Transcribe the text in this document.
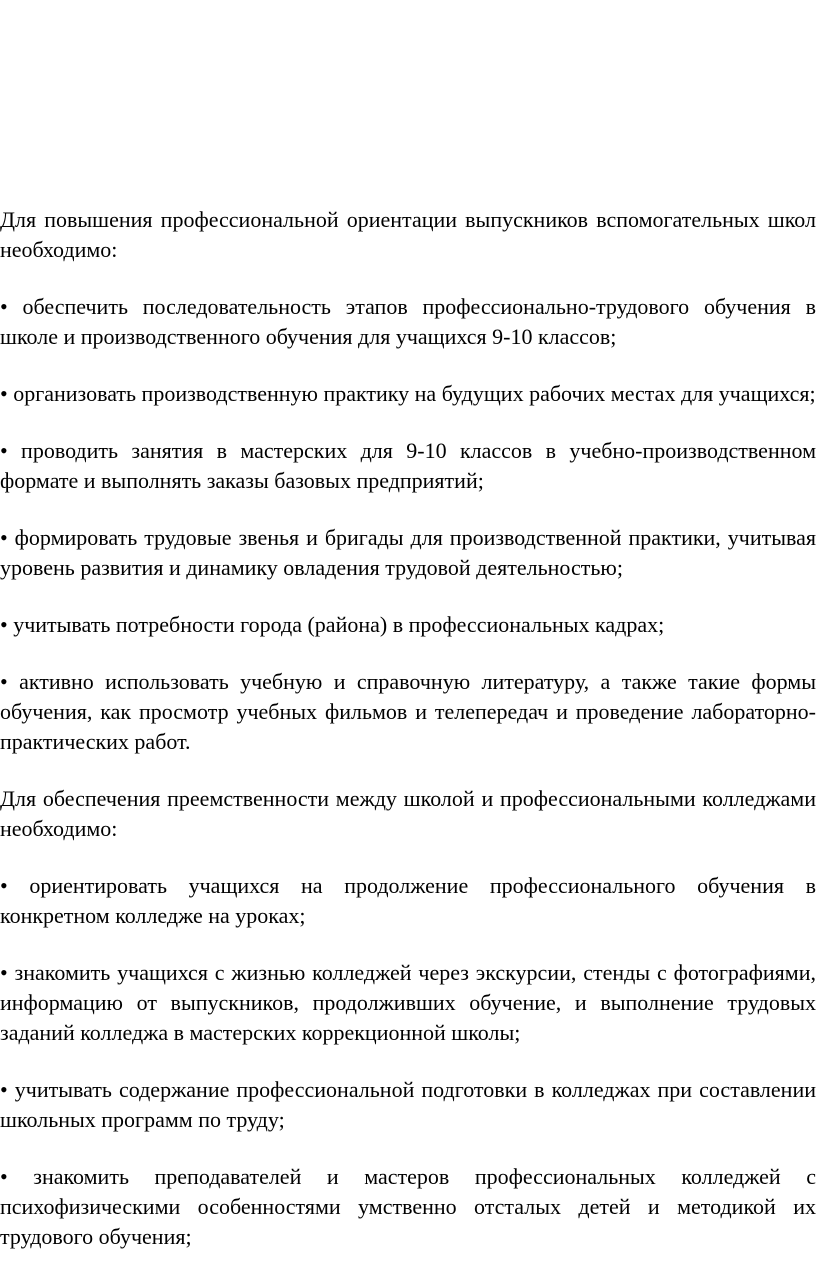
Для повышения профессиональной ориентации выпускников вспомогательных школ необходимо:

• обеспечить последовательность этапов профессионально-трудового обучения в школе и производственного обучения для учащихся 9-10 классов;

• организовать производственную практику на будущих рабочих местах для учащихся;

• проводить занятия в мастерских для 9-10 классов в учебно-производственном формате и выполнять заказы базовых предприятий;

• формировать трудовые звенья и бригады для производственной практики, учитывая уровень развития и динамику овладения трудовой деятельностью;

• учитывать потребности города (района) в профессиональных кадрах;

• активно использовать учебную и справочную литературу, а также такие формы обучения, как просмотр учебных фильмов и телепередач и проведение лабораторно-практических работ.

Для обеспечения преемственности между школой и профессиональными колледжами необходимо:

• ориентировать учащихся на продолжение профессионального обучения в конкретном колледже на уроках;

• знакомить учащихся с жизнью колледжей через экскурсии, стенды с фотографиями, информацию от выпускников, продолживших обучение, и выполнение трудовых заданий колледжа в мастерских коррекционной школы;

• учитывать содержание профессиональной подготовки в колледжах при составлении школьных программ по труду;

• знакомить преподавателей и мастеров профессиональных колледжей с психофизическими особенностями умственно отсталых детей и методикой их трудового обучения;
